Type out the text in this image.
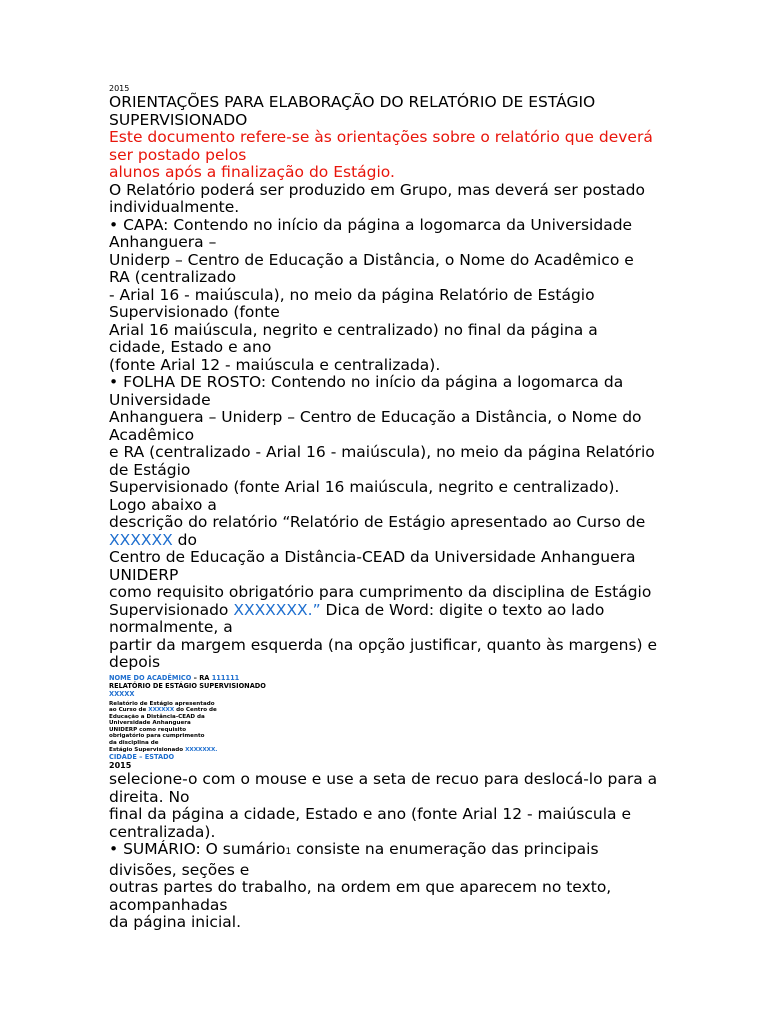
2015
ORIENTAÇÕES PARA ELABORAÇÃO DO RELATÓRIO DE ESTÁGIO
SUPERVISIONADO
Este documento refere-se às orientações sobre o relatório que deverá
ser postado pelos
alunos após a finalização do Estágio.
O Relatório poderá ser produzido em Grupo, mas deverá ser postado
individualmente.
• CAPA: Contendo no início da página a logomarca da Universidade
Anhanguera –
Uniderp – Centro de Educação a Distância, o Nome do Acadêmico e
RA (centralizado
- Arial 16 - maiúscula), no meio da página Relatório de Estágio
Supervisionado (fonte
Arial 16 maiúscula, negrito e centralizado) no final da página a
cidade, Estado e ano
(fonte Arial 12 - maiúscula e centralizada).
• FOLHA DE ROSTO: Contendo no início da página a logomarca da
Universidade
Anhanguera – Uniderp – Centro de Educação a Distância, o Nome do
Acadêmico
e RA (centralizado - Arial 16 - maiúscula), no meio da página Relatório
de Estágio
Supervisionado (fonte Arial 16 maiúscula, negrito e centralizado).
Logo abaixo a
descrição do relatório “Relatório de Estágio apresentado ao Curso de
XXXXXX do
Centro de Educação a Distância-CEAD da Universidade Anhanguera
UNIDERP
como requisito obrigatório para cumprimento da disciplina de Estágio
Supervisionado XXXXXXX.” Dica de Word: digite o texto ao lado
normalmente, a
partir da margem esquerda (na opção justificar, quanto às margens) e
depois
NOME DO ACADÊMICO – RA 111111
RELATÓRIO DE ESTÁGIO SUPERVISIONADO
XXXXX
Relatório de Estágio apresentado
ao Curso de XXXXXX do Centro de
Educação a Distância-CEAD da
Universidade Anhanguera
UNIDERP como requisito
obrigatório para cumprimento
da disciplina de
Estágio Supervisionado XXXXXXX.
CIDADE – ESTADO
2015
selecione-o com o mouse e use a seta de recuo para deslocá-lo para a
direita. No
final da página a cidade, Estado e ano (fonte Arial 12 - maiúscula e
centralizada).
• SUMÁRIO: O sumário1 consiste na enumeração das principais
divisões, seções e
outras partes do trabalho, na ordem em que aparecem no texto,
acompanhadas
da página inicial.
